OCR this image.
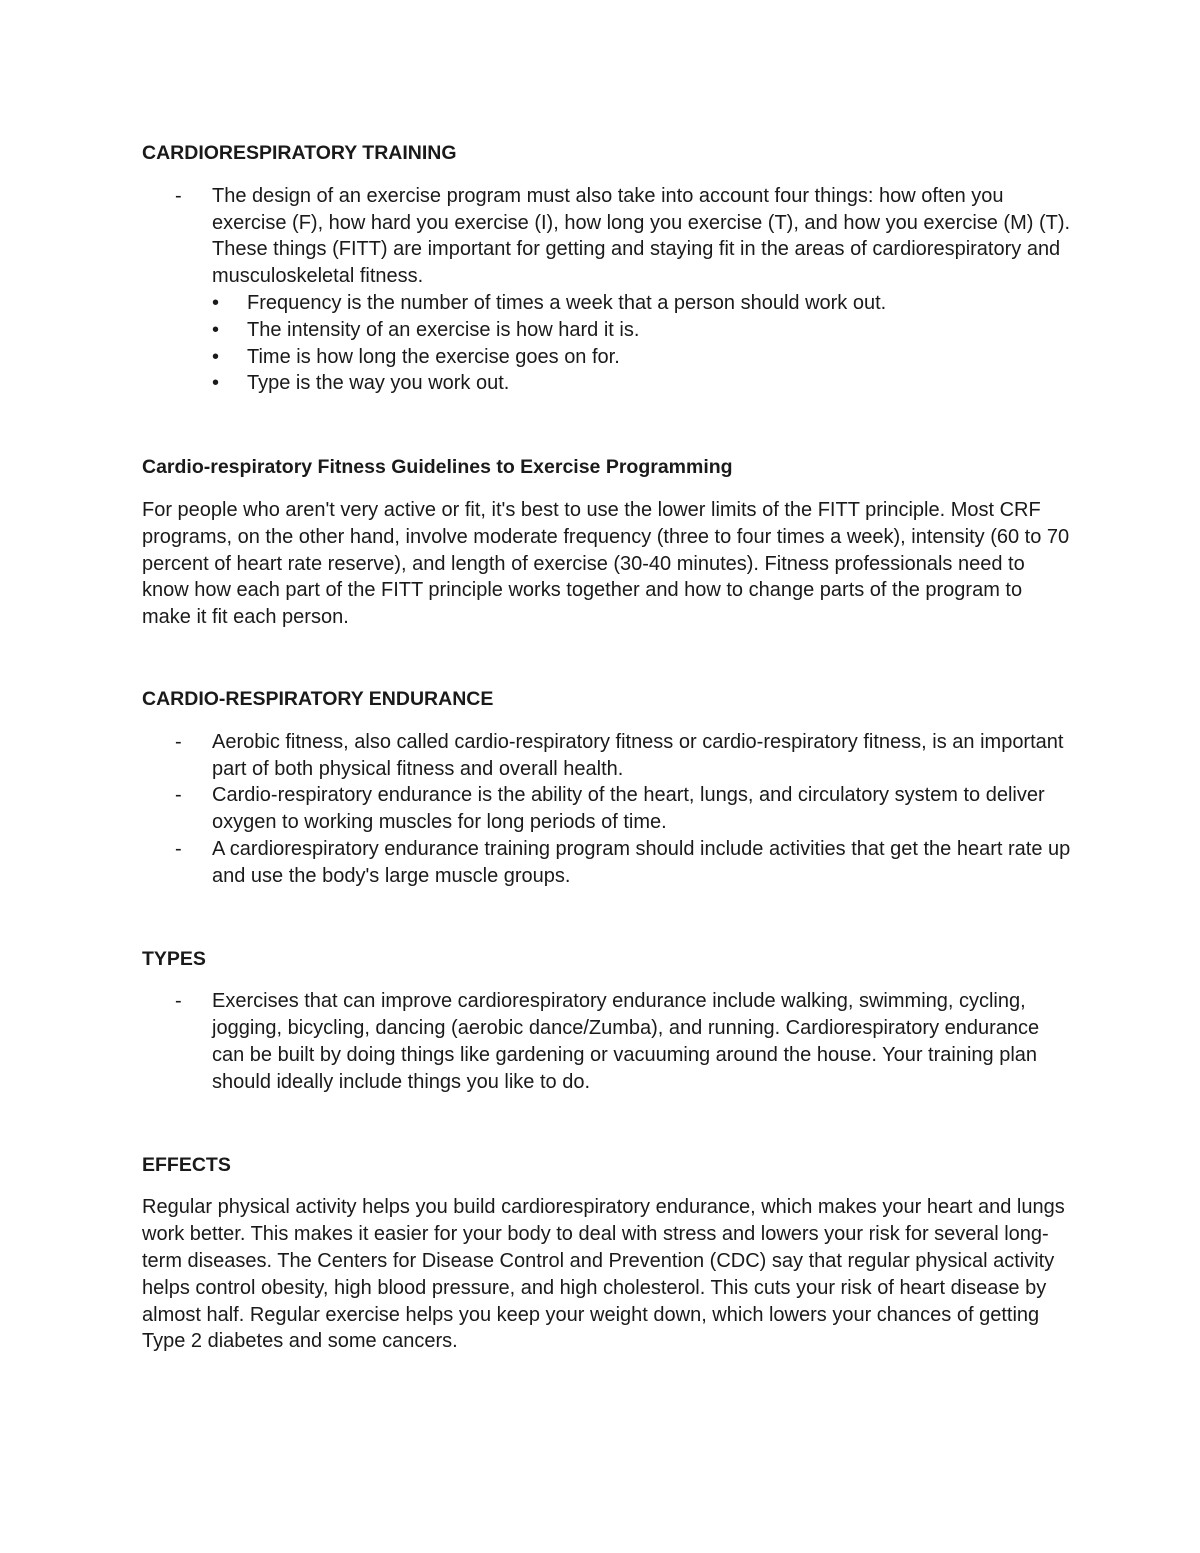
CARDIORESPIRATORY TRAINING
- The design of an exercise program must also take into account four things: how often you exercise (F), how hard you exercise (I), how long you exercise (T), and how you exercise (M) (T). These things (FITT) are important for getting and staying fit in the areas of cardiorespiratory and musculoskeletal fitness.
• Frequency is the number of times a week that a person should work out.
• The intensity of an exercise is how hard it is.
• Time is how long the exercise goes on for.
• Type is the way you work out.
Cardio-respiratory Fitness Guidelines to Exercise Programming

For people who aren't very active or fit, it's best to use the lower limits of the FITT principle. Most CRF programs, on the other hand, involve moderate frequency (three to four times a week), intensity (60 to 70 percent of heart rate reserve), and length of exercise (30-40 minutes). Fitness professionals need to know how each part of the FITT principle works together and how to change parts of the program to make it fit each person.

CARDIO-RESPIRATORY ENDURANCE
- Aerobic fitness, also called cardio-respiratory fitness or cardio-respiratory fitness, is an important part of both physical fitness and overall health.
- Cardio-respiratory endurance is the ability of the heart, lungs, and circulatory system to deliver oxygen to working muscles for long periods of time.
- A cardiorespiratory endurance training program should include activities that get the heart rate up and use the body's large muscle groups.
TYPES
- Exercises that can improve cardiorespiratory endurance include walking, swimming, cycling, jogging, bicycling, dancing (aerobic dance/Zumba), and running. Cardiorespiratory endurance can be built by doing things like gardening or vacuuming around the house. Your training plan should ideally include things you like to do.
EFFECTS

Regular physical activity helps you build cardiorespiratory endurance, which makes your heart and lungs work better. This makes it easier for your body to deal with stress and lowers your risk for several long-term diseases. The Centers for Disease Control and Prevention (CDC) say that regular physical activity helps control obesity, high blood pressure, and high cholesterol. This cuts your risk of heart disease by almost half. Regular exercise helps you keep your weight down, which lowers your chances of getting Type 2 diabetes and some cancers.
